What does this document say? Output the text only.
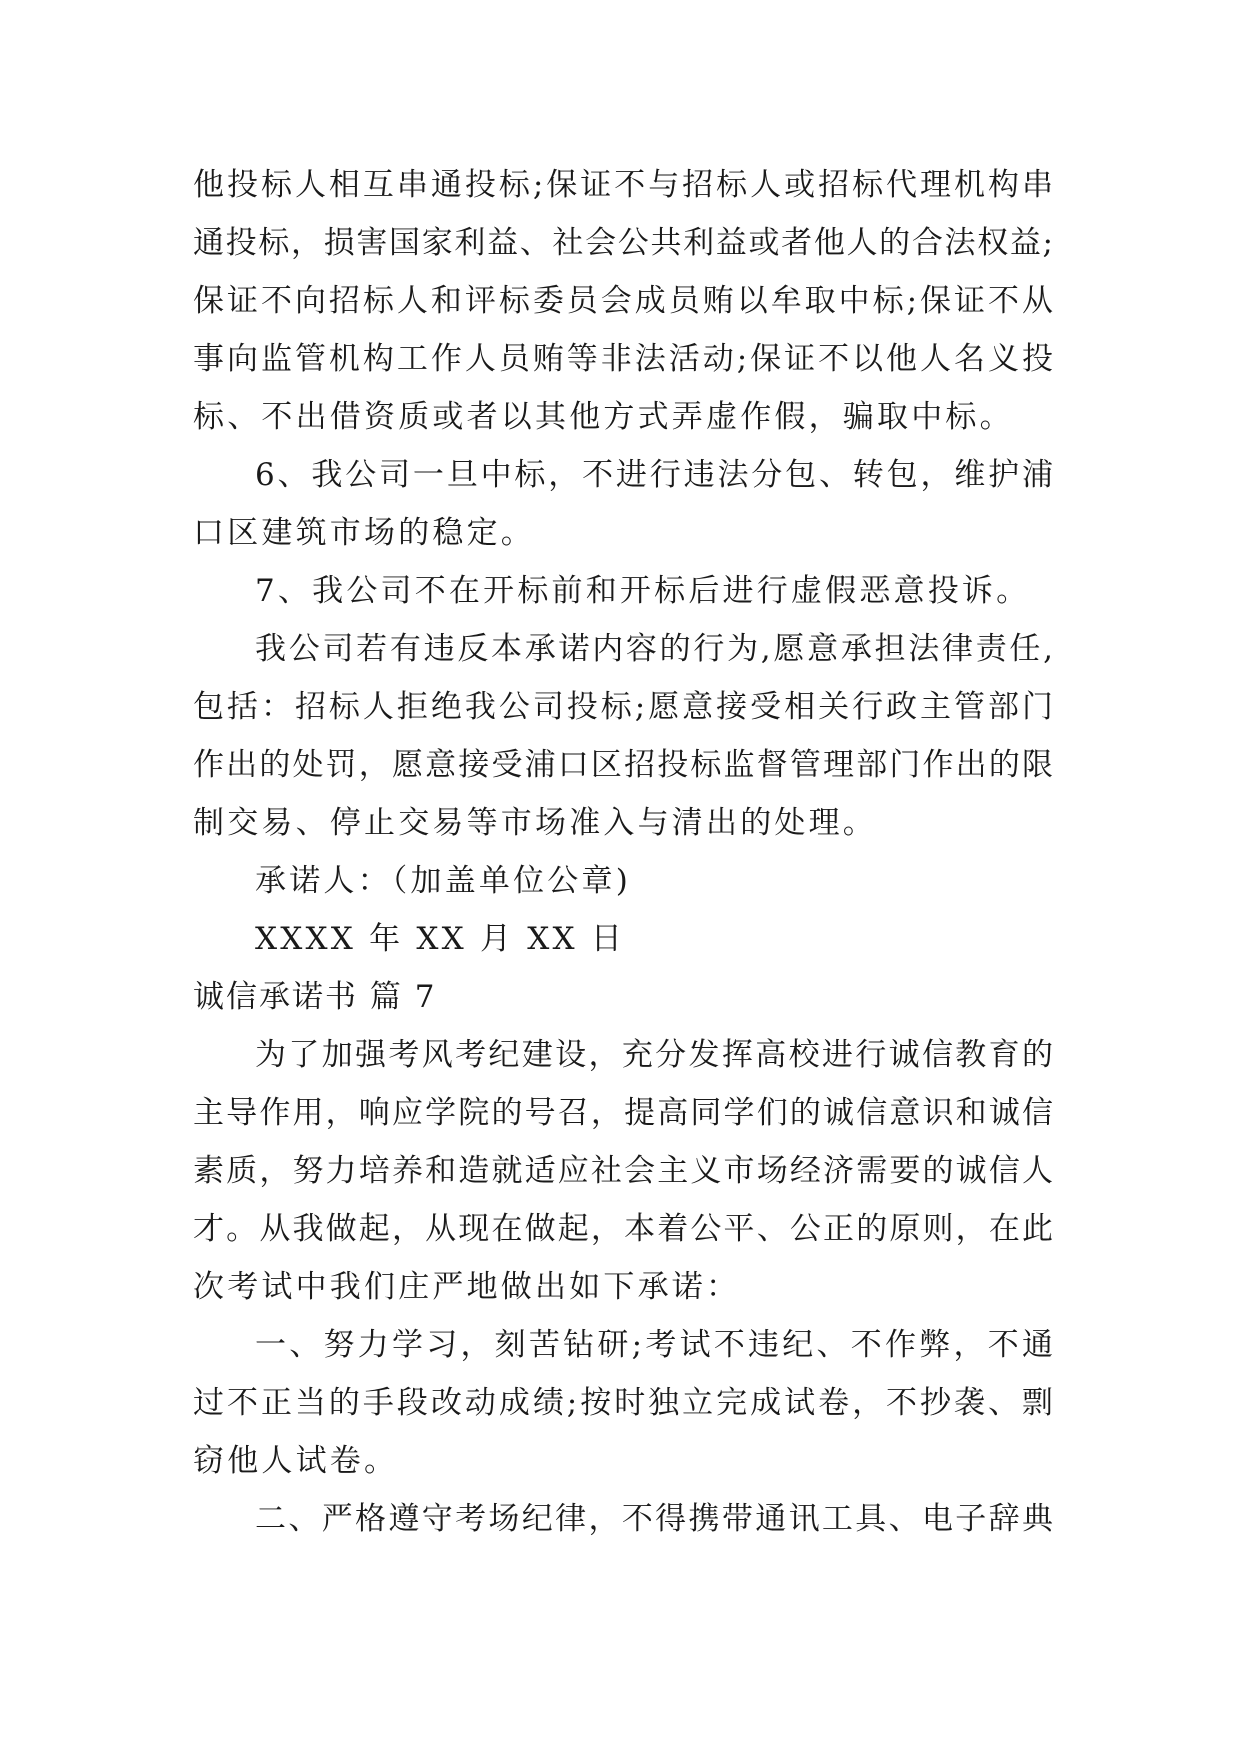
他投标人相互串通投标;保证不与招标人或招标代理机构串
通投标，损害国家利益、社会公共利益或者他人的合法权益;
保证不向招标人和评标委员会成员贿以牟取中标;保证不从
事向监管机构工作人员贿等非法活动;保证不以他人名义投
标、不出借资质或者以其他方式弄虚作假，骗取中标。
6、我公司一旦中标，不进行违法分包、转包，维护浦
口区建筑市场的稳定。
7、我公司不在开标前和开标后进行虚假恶意投诉。
我公司若有违反本承诺内容的行为,愿意承担法律责任,
包括：招标人拒绝我公司投标;愿意接受相关行政主管部门
作出的处罚，愿意接受浦口区招投标监督管理部门作出的限
制交易、停止交易等市场准入与清出的处理。
承诺人：（加盖单位公章)
XXXX 年 XX 月 XX 日
诚信承诺书 篇 7
为了加强考风考纪建设，充分发挥高校进行诚信教育的
主导作用，响应学院的号召，提高同学们的诚信意识和诚信
素质，努力培养和造就适应社会主义市场经济需要的诚信人
才。从我做起，从现在做起，本着公平、公正的原则，在此
次考试中我们庄严地做出如下承诺：
一、努力学习，刻苦钻研;考试不违纪、不作弊，不通
过不正当的手段改动成绩;按时独立完成试卷，不抄袭、剽
窃他人试卷。
二、严格遵守考场纪律，不得携带通讯工具、电子辞典
